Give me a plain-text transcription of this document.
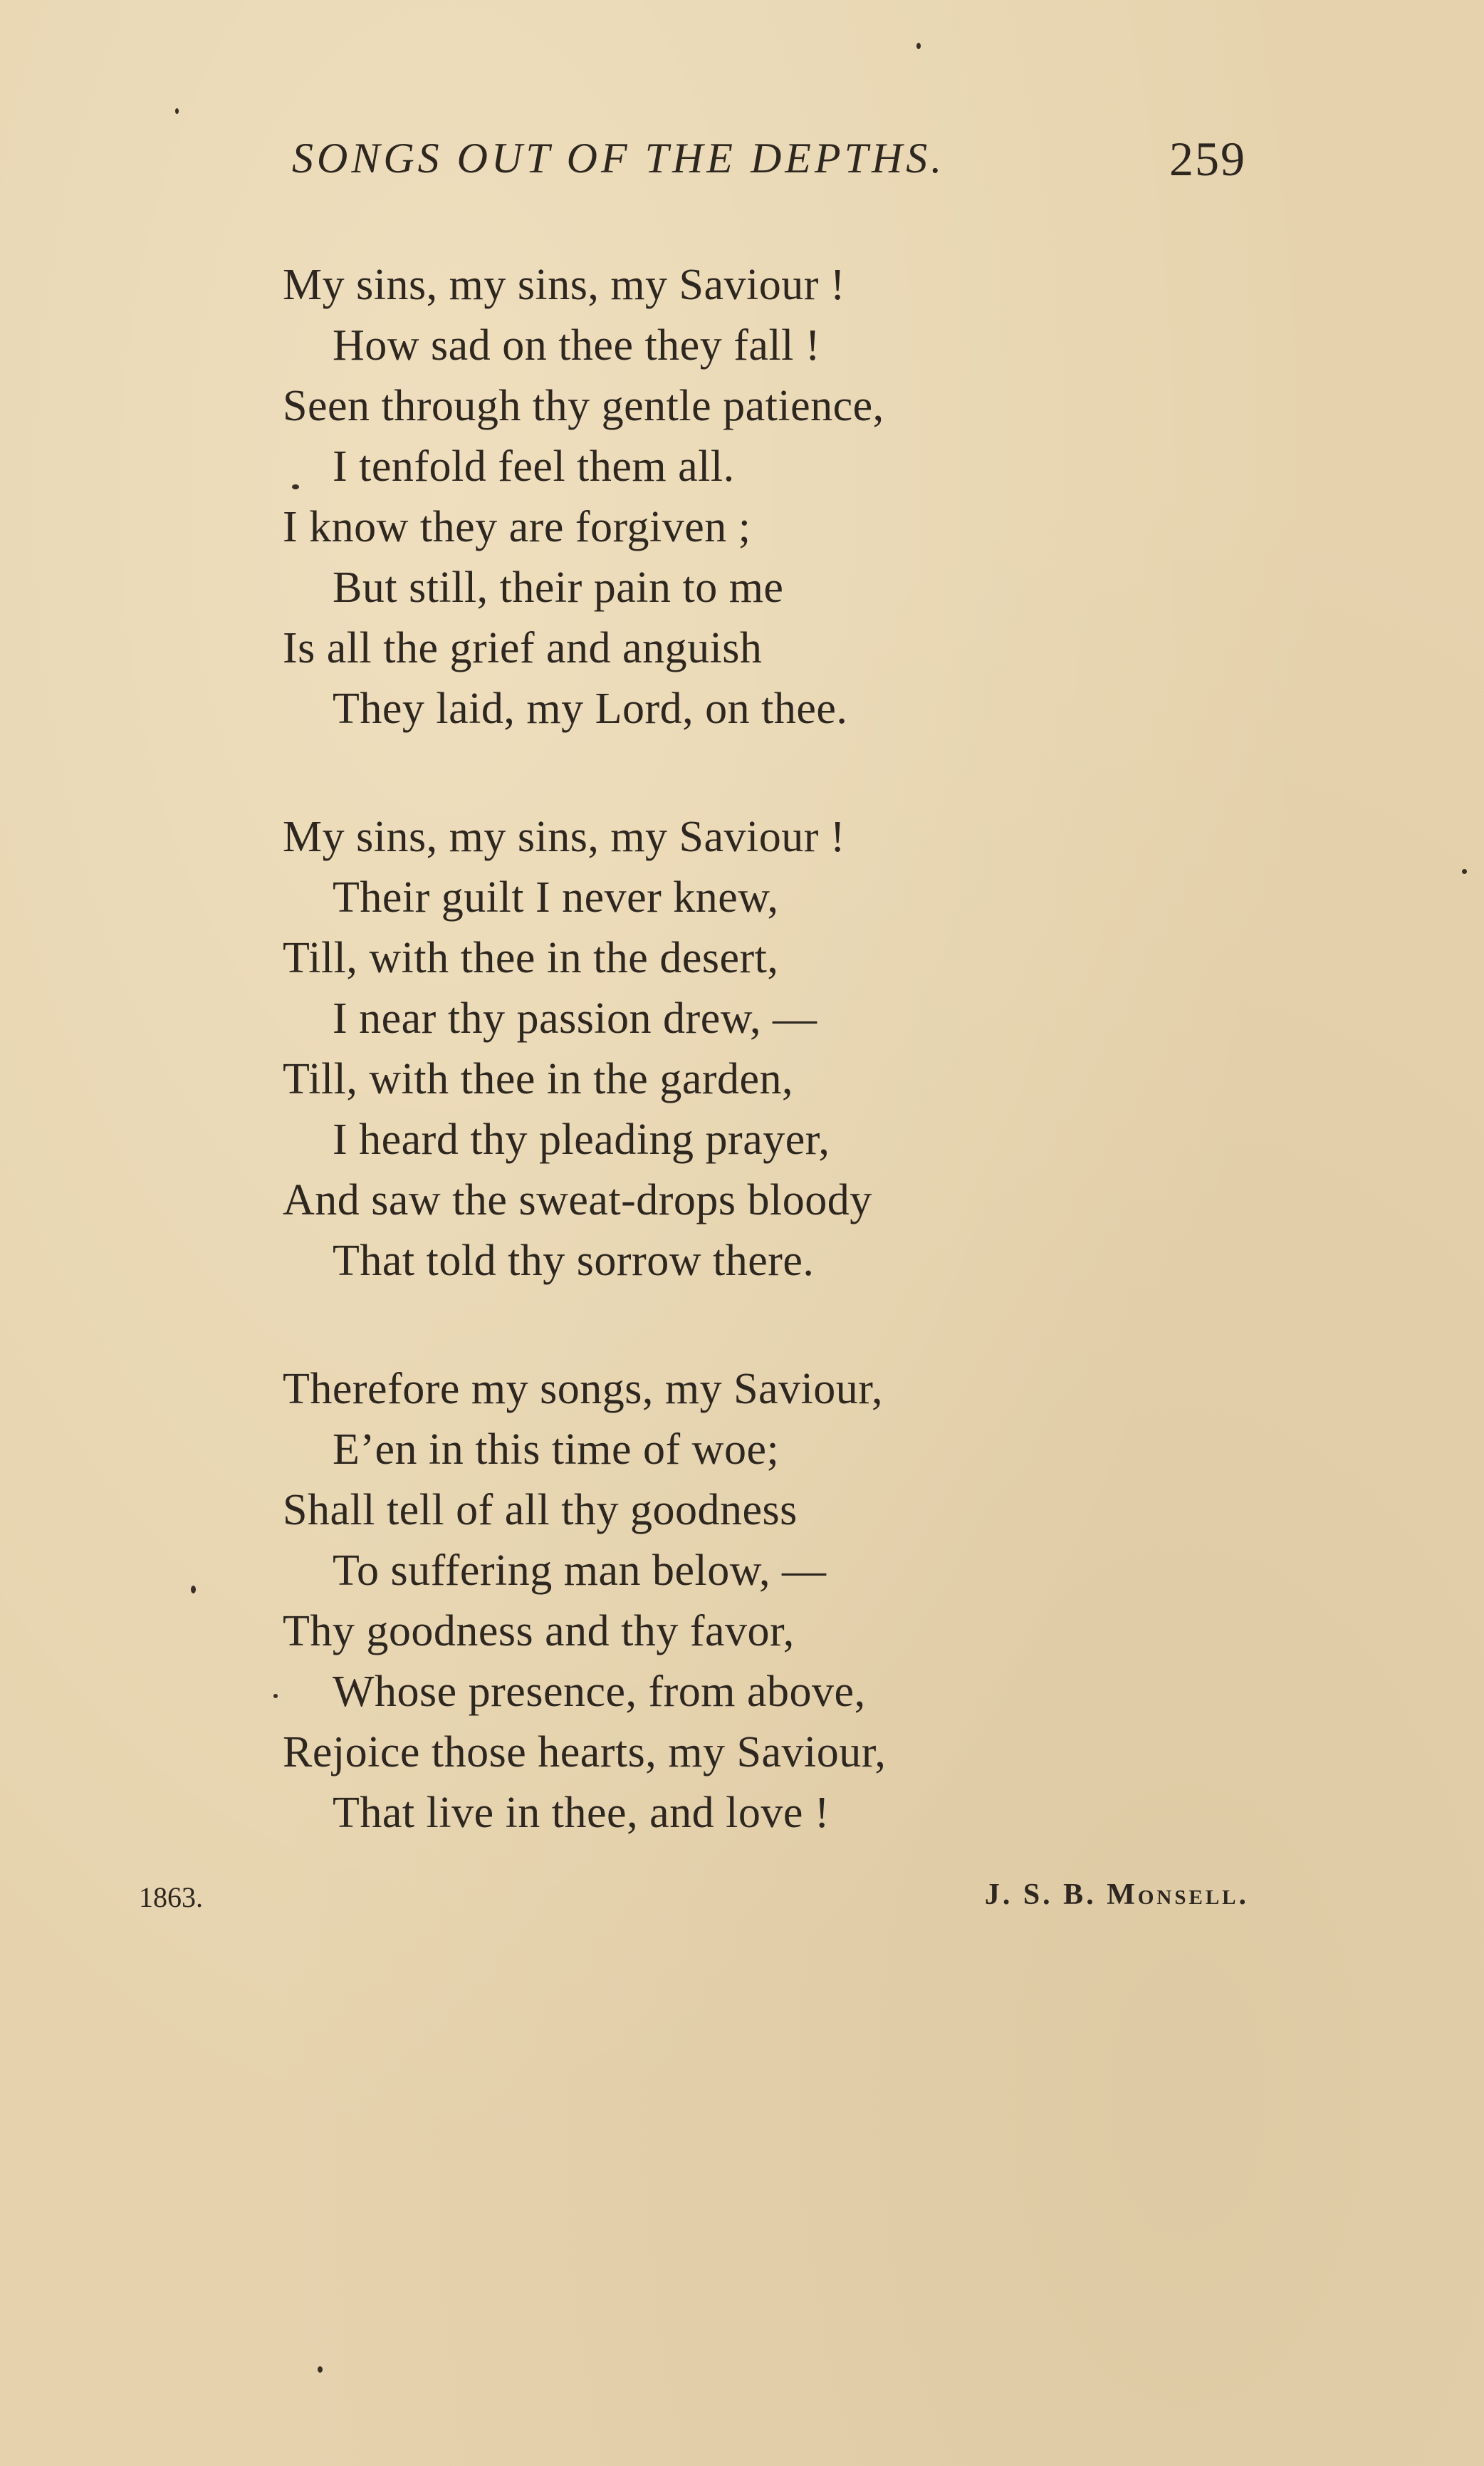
SONGS OUT OF THE DEPTHS.	259
My sins, my sins, my Saviour !
How sad on thee they fall !
Seen through thy gentle patience,
I tenfold feel them all.
I know they are forgiven ;
But still, their pain to me
Is all the grief and anguish
They laid, my Lord, on thee.
My sins, my sins, my Saviour !
Their guilt I never knew,
Till, with thee in the desert,
I near thy passion drew, —
Till, with thee in the garden,
I heard thy pleading prayer,
And saw the sweat-drops bloody
That told thy sorrow there.
Therefore my songs, my Saviour,
E’en in this time of woe;
Shall tell of all thy goodness
To suffering man below, —
Thy goodness and thy favor,
Whose presence, from above,
Rejoice those hearts, my Saviour,
That live in thee, and love !
1863.	J. S. B. Monsell.
